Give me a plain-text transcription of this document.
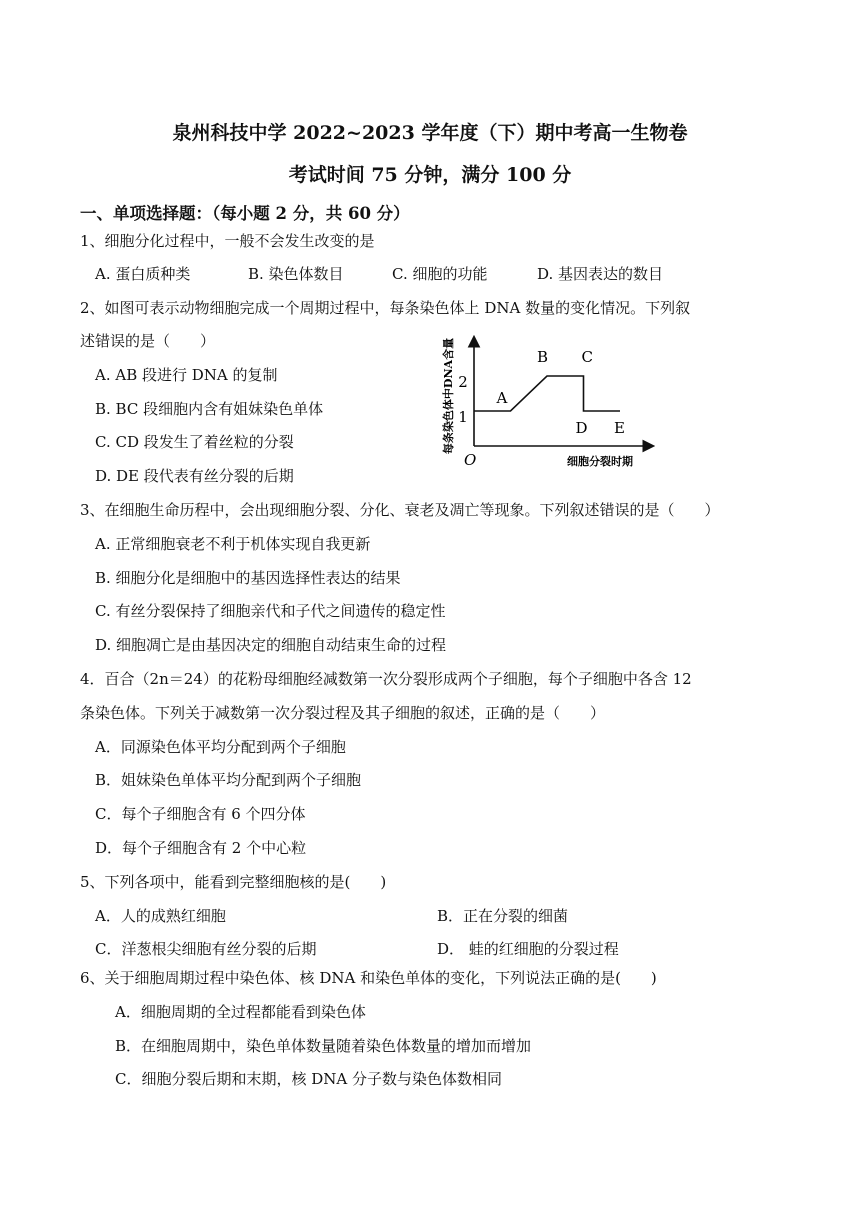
泉州科技中学 2022~2023 学年度（下）期中考高一生物卷
考试时间 75 分钟，满分 100 分
一、单项选择题：（每小题 2 分，共 60 分）
1、细胞分化过程中，一般不会发生改变的是
A. 蛋白质种类	B. 染色体数目	C. 细胞的功能	D. 基因表达的数目
2、如图可表示动物细胞完成一个周期过程中，每条染色体上 DNA 数量的变化情况。下列叙
述错误的是（　　）
A. AB 段进行 DNA 的复制
B. BC 段细胞内含有姐妹染色单体
C. CD 段发生了着丝粒的分裂
D. DE 段代表有丝分裂的后期
每条染色体中DNA含量
细胞分裂时期
O
1
2
A
B C
D E
3、在细胞生命历程中，会出现细胞分裂、分化、衰老及凋亡等现象。下列叙述错误的是（　　）
A. 正常细胞衰老不利于机体实现自我更新
B. 细胞分化是细胞中的基因选择性表达的结果
C. 有丝分裂保持了细胞亲代和子代之间遗传的稳定性
D. 细胞凋亡是由基因决定的细胞自动结束生命的过程
4．百合（2n＝24）的花粉母细胞经减数第一次分裂形成两个子细胞，每个子细胞中各含 12
条染色体。下列关于减数第一次分裂过程及其子细胞的叙述，正确的是（　　）
A．同源染色体平均分配到两个子细胞
B．姐妹染色单体平均分配到两个子细胞
C．每个子细胞含有 6 个四分体
D．每个子细胞含有 2 个中心粒
5、下列各项中，能看到完整细胞核的是(　　)
A．人的成熟红细胞	B．正在分裂的细菌
C．洋葱根尖细胞有丝分裂的后期	D． 蛙的红细胞的分裂过程
6、关于细胞周期过程中染色体、核 DNA 和染色单体的变化，下列说法正确的是(　　)
A．细胞周期的全过程都能看到染色体
B．在细胞周期中，染色单体数量随着染色体数量的增加而增加
C．细胞分裂后期和末期，核 DNA 分子数与染色体数相同
